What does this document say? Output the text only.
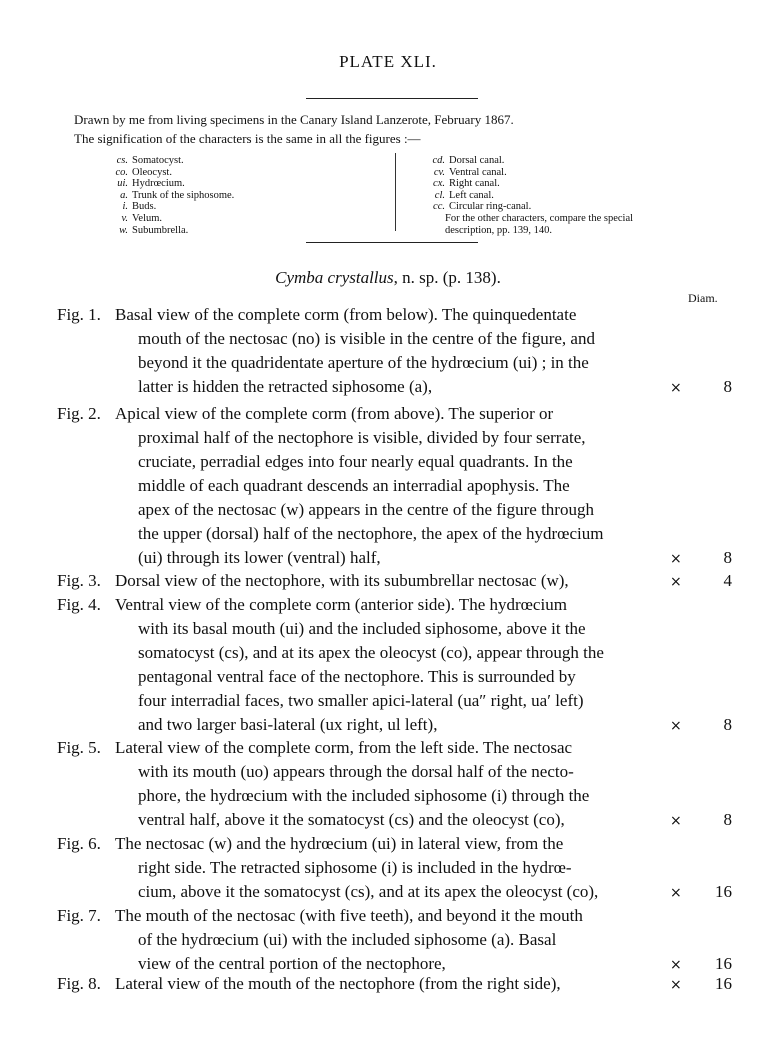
PLATE XLI.
Drawn by me from living specimens in the Canary Island Lanzerote, February 1867.
The signification of the characters is the same in all the figures :—
cs. Somatocyst.
co. Oleocyst.
ui. Hydrœcium.
a. Trunk of the siphosome.
i. Buds.
v. Velum.
w. Subumbrella.
cd. Dorsal canal.
cv. Ventral canal.
cx. Right canal.
cl. Left canal.
cc. Circular ring-canal.
For the other characters, compare the special
description, pp. 139, 140.
Cymba crystallus, n. sp. (p. 138).
Diam.
Fig. 1. Basal view of the complete corm (from below). The quinquedentate
mouth of the nectosac (no) is visible in the centre of the figure, and
beyond it the quadridentate aperture of the hydrœcium (ui) ; in the
latter is hidden the retracted siphosome (a),	× 8
Fig. 2. Apical view of the complete corm (from above). The superior or
proximal half of the nectophore is visible, divided by four serrate,
cruciate, perradial edges into four nearly equal quadrants. In the
middle of each quadrant descends an interradial apophysis. The
apex of the nectosac (w) appears in the centre of the figure through
the upper (dorsal) half of the nectophore, the apex of the hydrœcium
(ui) through its lower (ventral) half,	× 8
Fig. 3. Dorsal view of the nectophore, with its subumbrellar nectosac (w),	× 4
Fig. 4. Ventral view of the complete corm (anterior side). The hydrœcium
with its basal mouth (ui) and the included siphosome, above it the
somatocyst (cs), and at its apex the oleocyst (co), appear through the
pentagonal ventral face of the nectophore. This is surrounded by
four interradial faces, two smaller apici-lateral (ua″ right, ua′ left)
and two larger basi-lateral (ux right, ul left),	× 8
Fig. 5. Lateral view of the complete corm, from the left side. The nectosac
with its mouth (uo) appears through the dorsal half of the necto-
phore, the hydrœcium with the included siphosome (i) through the
ventral half, above it the somatocyst (cs) and the oleocyst (co),	× 8
Fig. 6. The nectosac (w) and the hydrœcium (ui) in lateral view, from the
right side. The retracted siphosome (i) is included in the hydrœ-
cium, above it the somatocyst (cs), and at its apex the oleocyst (co),	× 16
Fig. 7. The mouth of the nectosac (with five teeth), and beyond it the mouth
of the hydrœcium (ui) with the included siphosome (a). Basal
view of the central portion of the nectophore,	× 16
Fig. 8. Lateral view of the mouth of the nectophore (from the right side),	× 16
